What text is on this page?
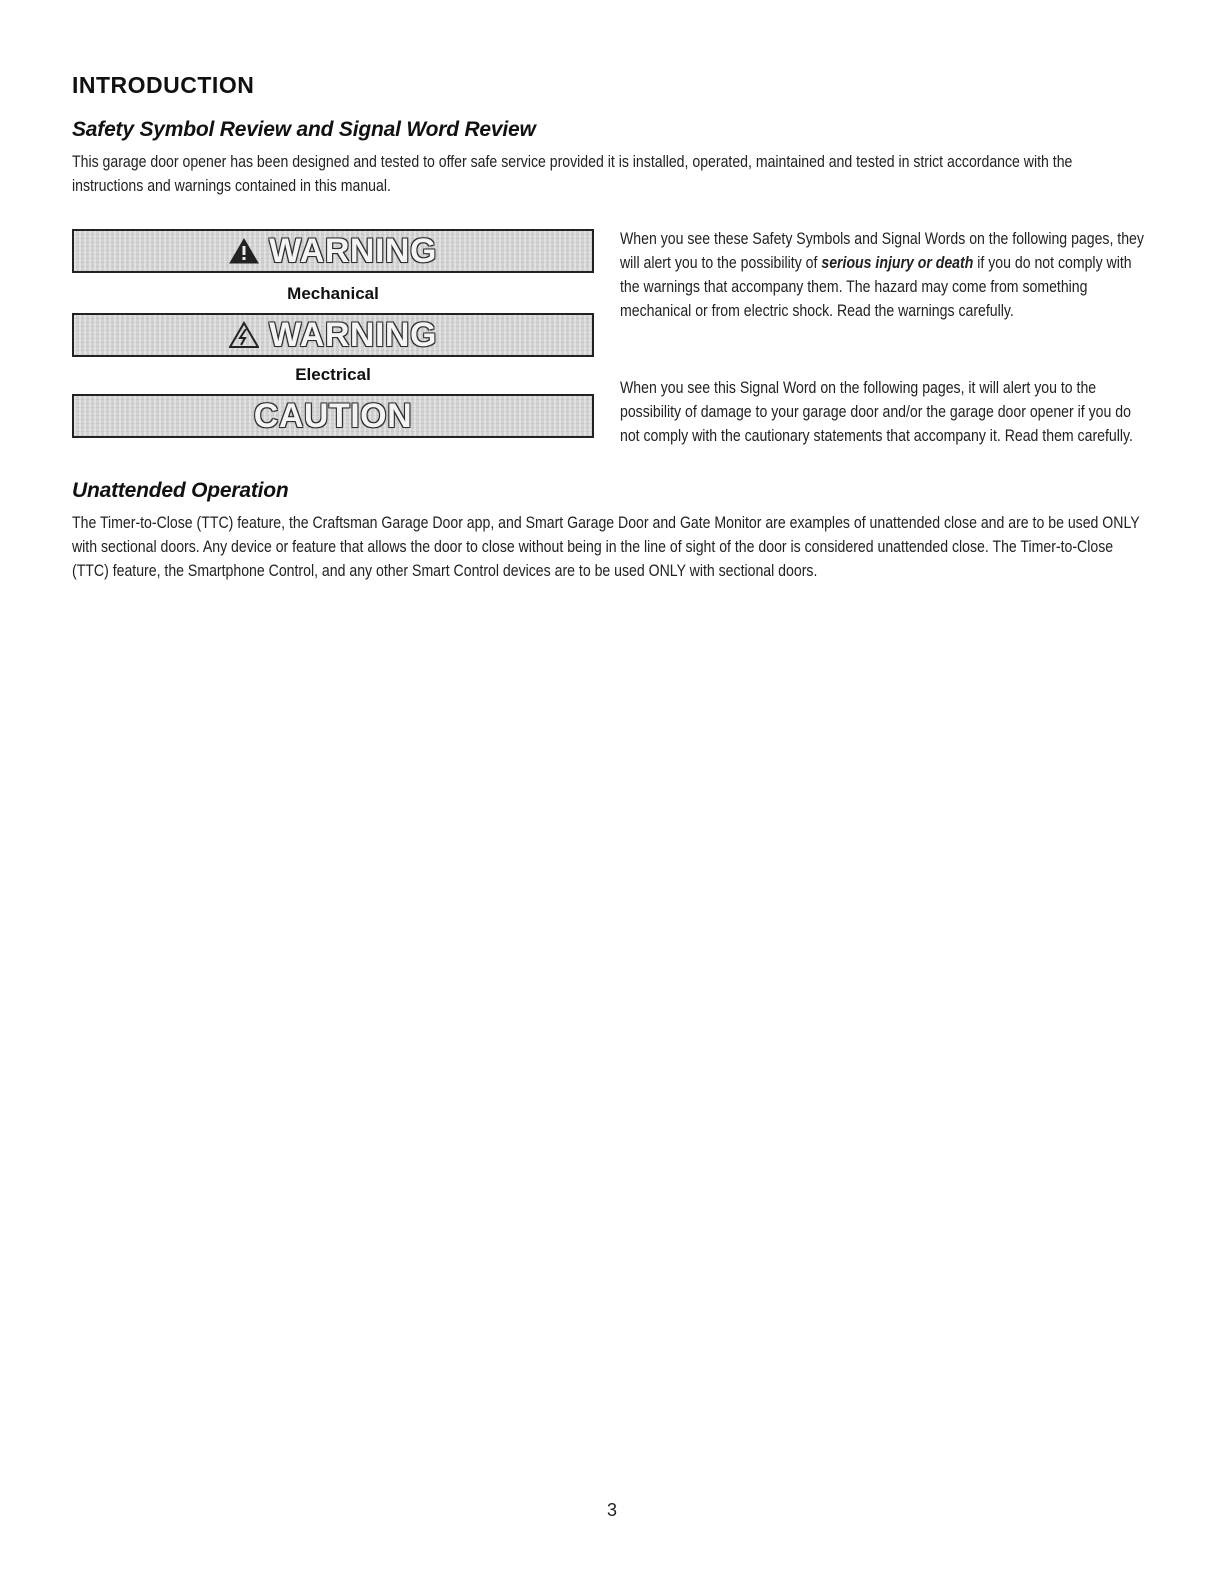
INTRODUCTION
Safety Symbol Review and Signal Word Review
This garage door opener has been designed and tested to offer safe service provided it is installed, operated, maintained and tested in strict accordance with the instructions and warnings contained in this manual.
WARNING
Mechanical
WARNING
Electrical
CAUTION
When you see these Safety Symbols and Signal Words on the following pages, they will alert you to the possibility of serious injury or death if you do not comply with the warnings that accompany them. The hazard may come from something mechanical or from electric shock. Read the warnings carefully.
When you see this Signal Word on the following pages, it will alert you to the possibility of damage to your garage door and/or the garage door opener if you do not comply with the cautionary statements that accompany it. Read them carefully.
Unattended Operation
The Timer-to-Close (TTC) feature, the Craftsman Garage Door app, and Smart Garage Door and Gate Monitor are examples of unattended close and are to be used ONLY with sectional doors. Any device or feature that allows the door to close without being in the line of sight of the door is considered unattended close. The Timer-to-Close (TTC) feature, the Smartphone Control, and any other Smart Control devices are to be used ONLY with sectional doors.
3
